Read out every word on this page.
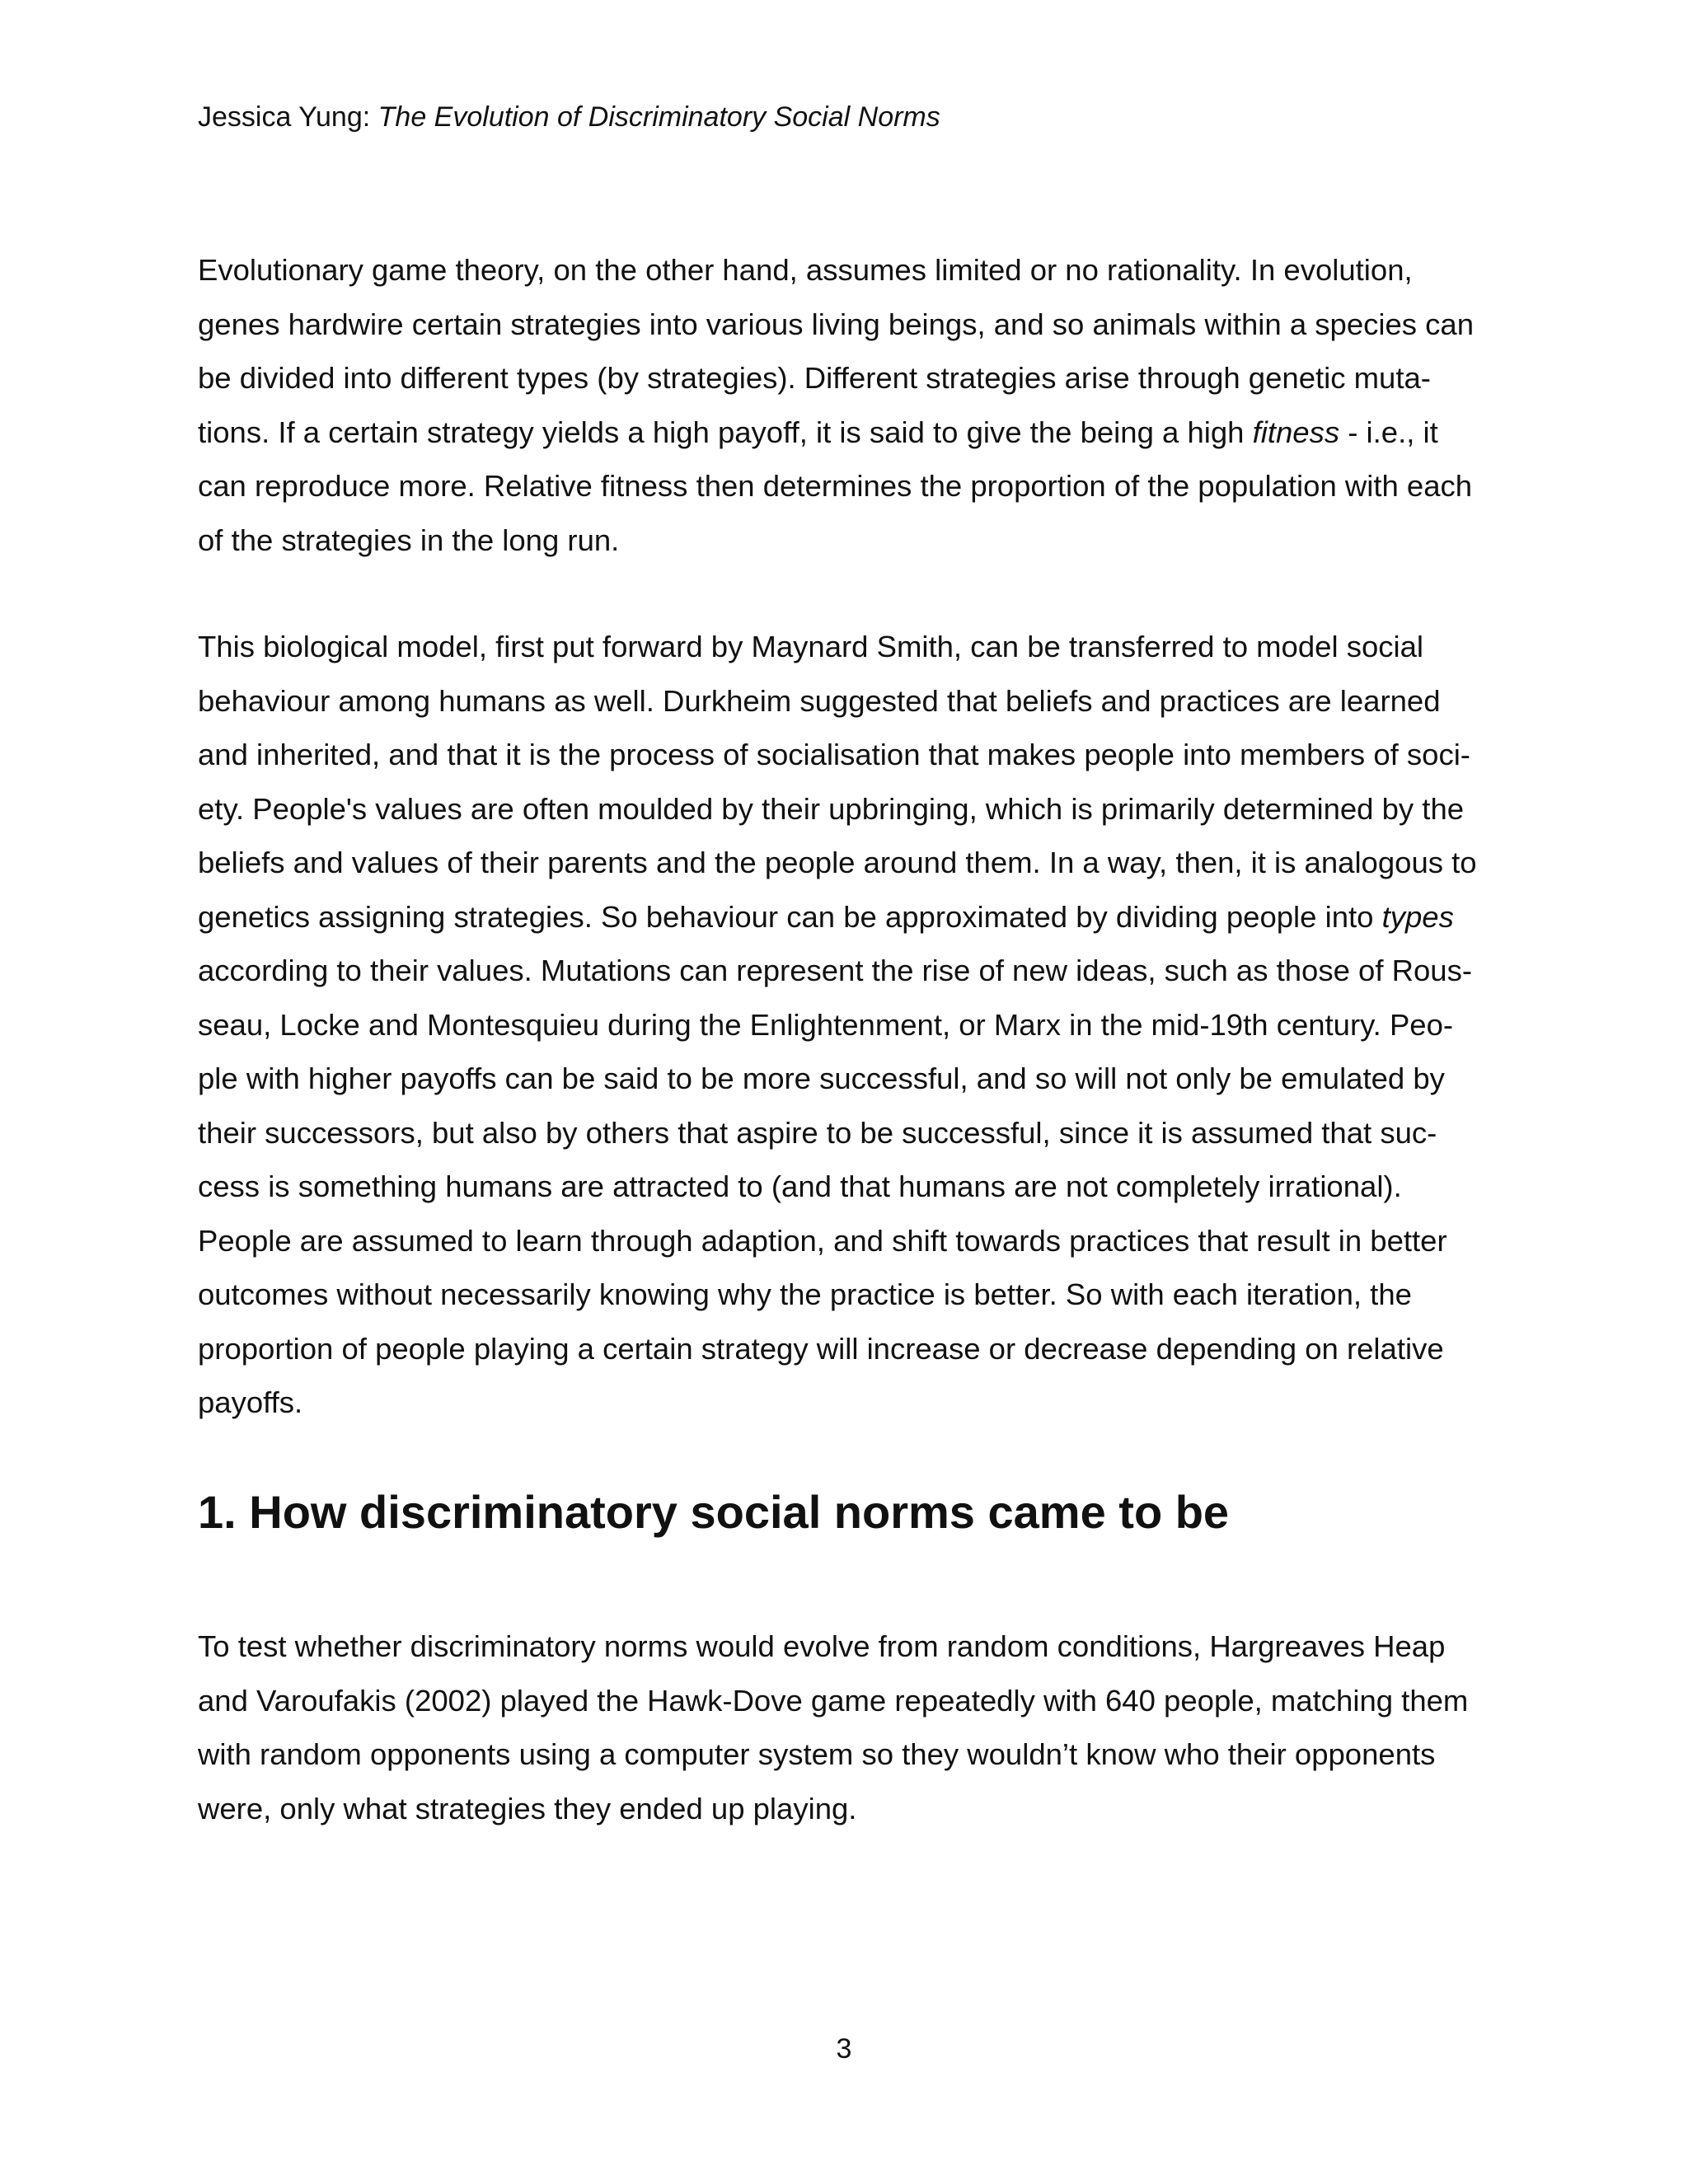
Jessica Yung: The Evolution of Discriminatory Social Norms
Evolutionary game theory, on the other hand, assumes limited or no rationality. In evolution,
genes hardwire certain strategies into various living beings, and so animals within a species can
be divided into different types (by strategies). Different strategies arise through genetic muta-
tions. If a certain strategy yields a high payoff, it is said to give the being a high fitness - i.e., it
can reproduce more. Relative fitness then determines the proportion of the population with each
of the strategies in the long run.
This biological model, first put forward by Maynard Smith, can be transferred to model social
behaviour among humans as well. Durkheim suggested that beliefs and practices are learned
and inherited, and that it is the process of socialisation that makes people into members of soci-
ety. People's values are often moulded by their upbringing, which is primarily determined by the
beliefs and values of their parents and the people around them. In a way, then, it is analogous to
genetics assigning strategies. So behaviour can be approximated by dividing people into types
according to their values. Mutations can represent the rise of new ideas, such as those of Rous-
seau, Locke and Montesquieu during the Enlightenment, or Marx in the mid-19th century. Peo-
ple with higher payoffs can be said to be more successful, and so will not only be emulated by
their successors, but also by others that aspire to be successful, since it is assumed that suc-
cess is something humans are attracted to (and that humans are not completely irrational).
People are assumed to learn through adaption, and shift towards practices that result in better
outcomes without necessarily knowing why the practice is better. So with each iteration, the
proportion of people playing a certain strategy will increase or decrease depending on relative
payoffs.
1. How discriminatory social norms came to be
To test whether discriminatory norms would evolve from random conditions, Hargreaves Heap
and Varoufakis (2002) played the Hawk-Dove game repeatedly with 640 people, matching them
with random opponents using a computer system so they wouldn’t know who their opponents
were, only what strategies they ended up playing.
3
